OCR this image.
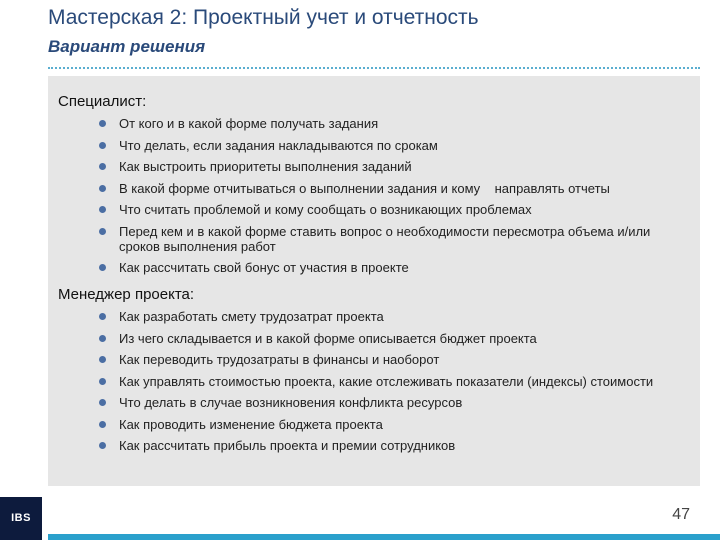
Мастерская 2: Проектный учет и отчетность
Вариант решения
Специалист:
От кого и в какой форме получать задания
Что делать, если задания накладываются по срокам
Как выстроить приоритеты выполнения заданий
В какой форме отчитываться о выполнении задания и кому    направлять отчеты
Что считать проблемой и кому сообщать о возникающих проблемах
Перед кем и в какой форме ставить вопрос о необходимости пересмотра объема и/или сроков выполнения работ
Как рассчитать свой бонус от участия в проекте
Менеджер проекта:
Как разработать смету трудозатрат проекта
Из чего складывается и в какой форме описывается бюджет проекта
Как переводить трудозатраты в финансы и наоборот
Как управлять стоимостью проекта, какие отслеживать показатели (индексы) стоимости
Что делать в случае возникновения конфликта ресурсов
Как проводить изменение бюджета проекта
Как рассчитать прибыль проекта и премии сотрудников
IBS	47
